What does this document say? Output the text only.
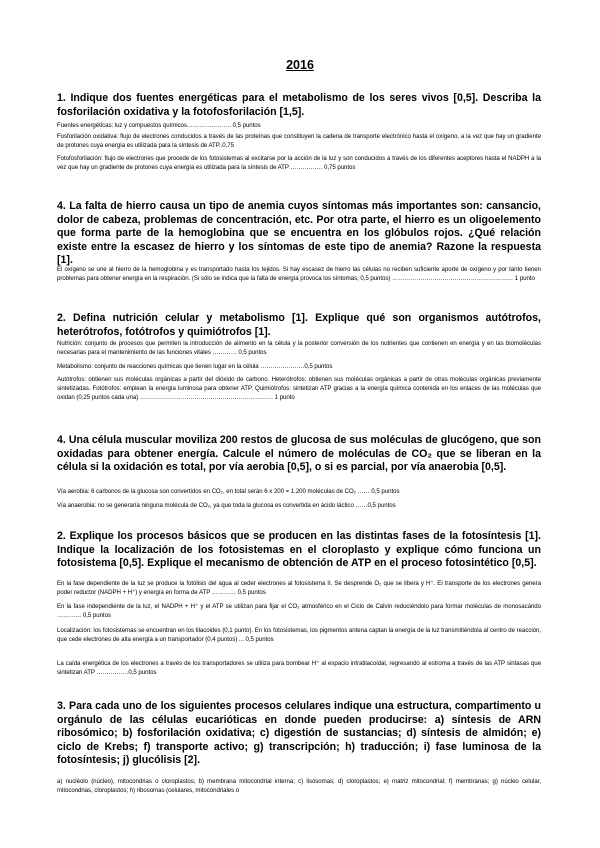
2016
1. Indique dos fuentes energéticas para el metabolismo de los seres vivos [0,5]. Describa la fosforilación oxidativa y la fotofosforilación [1,5].
Fuentes energéticas: luz y compuestos químicos…………………. 0,5 puntos
Fosforilación oxidativa: flujo de electrones conducidos a través de las proteínas que constituyen la cadena de transporte electrónico hasta el oxígeno, a la vez que hay un gradiente de protones cuya energía es utilizada para la síntesis de ATP..0,75
Fotofosforilación: flujo de electrones que procede de los fotosistemas al excitarse por la acción de la luz y son conducidos a través de los diferentes aceptores hasta el NADPH a la vez que hay un gradiente de protones cuya energía es utilizada para la síntesis de ATP ……………. 0,75 puntos
4. La falta de hierro causa un tipo de anemia cuyos síntomas más importantes son: cansancio, dolor de cabeza, problemas de concentración, etc. Por otra parte, el hierro es un oligoelemento que forma parte de la hemoglobina que se encuentra en los glóbulos rojos. ¿Qué relación existe entre la escasez de hierro y los síntomas de este tipo de anemia? Razone la respuesta [1].
El oxígeno se une al hierro de la hemoglobina y es transportado hasta los tejidos. Si hay escasez de hierro las células no reciben suficiente aporte de oxígeno y por tanto tienen problemas para obtener energía en la respiración. (Si sólo se indica que la falta de energía provoca los síntomas, 0,5 puntos) …………………………………………………… 1 punto
2. Defina nutrición celular y metabolismo [1]. Explique qué son organismos autótrofos, heterótrofos, fotótrofos y quimiótrofos [1].
Nutrición: conjunto de procesos que permiten la introducción de alimento en la célula y la posterior conversión de los nutrientes que contienen en energía y en las biomoléculas necesarias para el mantenimiento de las funciones vitales ………… 0,5 puntos
Metabolismo: conjunto de reacciones químicas que tienen lugar en la célula ………………….0,5 puntos
Autótrofos: obtienen sus moléculas orgánicas a partir del dióxido de carbono. Heterótrofos: obtienen sus moléculas orgánicas a partir de otras moléculas orgánicas previamente sintetizadas. Fotótrofos: emplean la energía luminosa para obtener ATP. Quimiótrofos: sintetizan ATP gracias a la energía química contenida en los enlaces de las moléculas que oxidan (0,25 puntos cada una) ………………………………………………………… 1 punto
4. Una célula muscular moviliza 200 restos de glucosa de sus moléculas de glucógeno, que son oxidadas para obtener energía. Calcule el número de moléculas de CO₂ que se liberan en la célula si la oxidación es total, por vía aerobia [0,5], o si es parcial, por vía anaerobia [0,5].
Vía aerobia: 6 carbonos de la glucosa son convertidos en CO₂, en total serán 6 x 200 = 1.200 moléculas de CO₂ …… 0,5 puntos
Vía anaerobia: no se generaría ninguna molécula de CO₂, ya que toda la glucosa es convertida en ácido láctico ……0,5 puntos
2. Explique los procesos básicos que se producen en las distintas fases de la fotosíntesis [1]. Indique la localización de los fotosistemas en el cloroplasto y explique cómo funciona un fotosistema [0,5]. Explique el mecanismo de obtención de ATP en el proceso fotosintético [0,5].
En la fase dependiente de la luz se produce la fotólisis del agua al ceder electrones al fotosistema II. Se desprende O₂ que se libera y H⁺. El transporte de los electrones genera poder reductor (NADPH + H⁺) y energía en forma de ATP ………… 0,5 puntos
En la fase independiente de la luz, el NADPH + H⁺ y el ATP se utilizan para fijar el CO₂ atmosférico en el Ciclo de Calvin reduciéndolo para formar moléculas de monosacárido ………… 0,5 puntos
Localización: los fotosistemas se encuentran en los tilacoides (0,1 punto). En los fotosistemas, los pigmentos antena captan la energía de la luz transmitiéndola al centro de reacción, que cede electrones de alta energía a un transportador (0,4 puntos) ... 0,5 puntos
La caída energética de los electrones a través de los transportadores se utiliza para bombear H⁺ al espacio intratilacoidal, regresando al estroma a través de las ATP sintasas que sintetizan ATP …………….0,5 puntos
3. Para cada uno de los siguientes procesos celulares indique una estructura, compartimento u orgánulo de las células eucarióticas en donde pueden producirse: a) síntesis de ARN ribosómico; b) fosforilación oxidativa; c) digestión de sustancias; d) síntesis de almidón; e) ciclo de Krebs; f) transporte activo; g) transcripción; h) traducción; i) fase luminosa de la fotosíntesis; j) glucólisis [2].
a) nucléolo (núcleo), mitocondrias o cloroplastos; b) membrana mitocondrial interna; c) lisosomas; d) cloroplastos; e) matriz mitocondrial; f) membranas; g) núcleo celular, mitocondrias, cloroplastos; h) ribosomas (celulares, mitocondriales o
